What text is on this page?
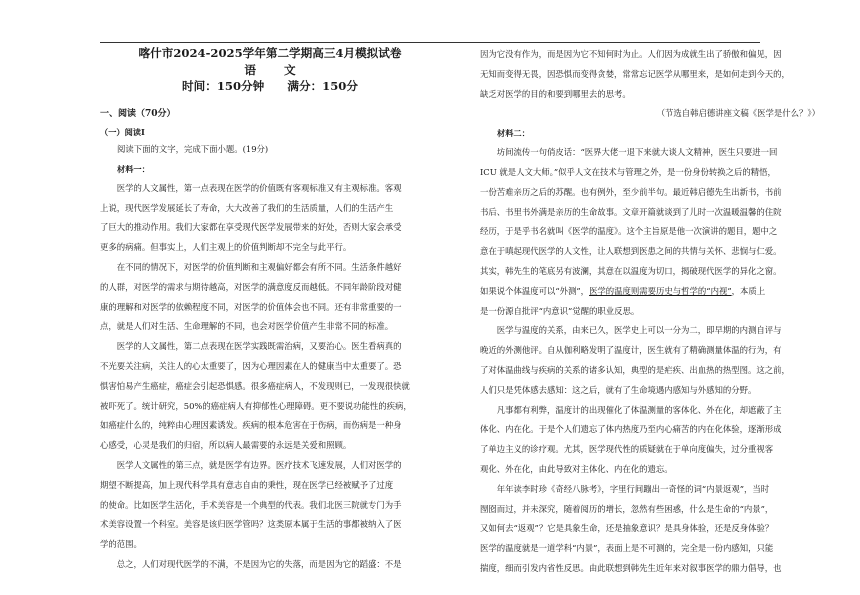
喀什市2024-2025学年第二学期高三4月模拟试卷
语 文
时间：150分钟　　满分：150分
一、阅读（70分）
（一）阅读Ⅰ
阅读下面的文字，完成下面小题。(19分)
材料一：
　　医学的人文属性，第一点表现在医学的价值既有客观标准又有主观标准。客观
上说，现代医学发展延长了寿命，大大改善了我们的生活质量，人们的生活产生
了巨大的推动作用。我们大家都在享受现代医学发展带来的好处，否则大家会承受
更多的病痛。但事实上，人们主观上的价值判断却不完全与此平行。
　　在不同的情况下，对医学的价值判断和主观偏好都会有所不同。生活条件越好
的人群，对医学的需求与期待越高，对医学的满意度反而越低。不同年龄阶段对健
康的理解和对医学的依赖程度不同，对医学的价值体会也不同。还有非常重要的一
点，就是人们对生活、生命理解的不同，也会对医学价值产生非常不同的标准。
　　医学的人文属性，第二点表现在医学实践既需治病，又要治心。医生看病真的
不光要关注病，关注人的心太重要了，因为心理因素在人的健康当中太重要了。恐
惧害怕易产生癌症，癌症会引起恐惧感。很多癌症病人，不发现则已，一发现很快就
被吓死了。统计研究，50%的癌症病人有抑郁性心理障碍。更不要说功能性的疾病，
如癌症什么的，纯粹由心理因素诱发。疾病的根本危害在于伤病，而伤病是一种身
心感受，心灵是我们的归宿，所以病人最需要的永远是关爱和照顾。
　　医学人文属性的第三点，就是医学有边界。医疗技术飞速发展，人们对医学的
期望不断提高，加上现代科学具有意志自由的秉性，现在医学已经被赋予了过度
的使命。比如医学生活化，手术美容是一个典型的代表。我们北医三院就专门为手
术美容设置一个科室。美容是该归医学管吗？这类原本属于生活的事都被纳入了医
学的范围。
　　总之，人们对现代医学的不满，不是因为它的失落，而是因为它的蹈盛：不是
因为它没有作为，而是因为它不知何时为止。人们因为成就生出了骄傲和偏见，因
无知而变得无畏，因恐惧而变得贪婪，常常忘记医学从哪里来，是如何走到今天的，
缺乏对医学的目的和要到哪里去的思考。
（节选自韩启德讲座文稿《医学是什么？》）
材料二：
　　坊间流传一句俏皮话：“医界大佬一退下来就大谈人文精神，医生只要进一回
ICU 就是人文大师。”似乎人文在技术与管理之外，是一份身份转换之后的精悟，
一份苦难亲历之后的苏醒。也有例外，至少前半句。最近韩启德先生出新书，书前
书后、书里书外满是亲历的生命故事。文章开篇就谈到了儿时一次温暖温馨的住院
经历，于是乎书名就叫《医学的温度》。这个主旨原是他一次演讲的题目，题中之
意在于嗔起现代医学的人文性，让人联想到医患之间的共情与关怀、悲悯与仁爱。
其实，韩先生的笔底另有波澜，其意在以温度为切口，揭破现代医学的异化之窗。
如果说个体温度可以“外测”，医学的温度则需要历史与哲学的“内视”，本质上
是一份源自批评“内意识”觉醒的职业反思。
　　医学与温度的关系，由来已久，医学史上可以一分为二，即早期的内测自评与
晚近的外测他评。自从伽利略发明了温度计，医生就有了精确测量体温的行为，有
了对体温曲线与疾病的关系的诸多认知，典型的是疟疾、出血热的热型图。这之前，
人们只是凭体感去感知：这之后，就有了生命境遇内感知与外感知的分野。
　　凡事都有利弊，温度计的出现催化了体温测量的客体化、外在化，却遮蔽了主
体化、内在化。于是个人们遗忘了体内热度乃至内心痛苦的内在化体验，逐渐形成
了单边主义的诊疗观。尤其，医学现代性的质疑就在于单向度偏失，过分重视客
观化、外在化，由此导致对主体化、内在化的遗忘。
　　年年读李时珍《奇经八脉考》，字里行间蹦出一奇怪的词“内景返观”，当时
囫囵而过，并未深究，随着阅历的增长，忽然有些困惑，什么是生命的“内景”，
又如何去“返观”？它是具象生命，还是抽象意识？是具身体验，还是反身体验？
医学的温度就是一道学科“内景”，表面上是不可测的，完全是一份内感知，只能
揣度，细而引发内省性反思。由此联想到韩先生近年来对叙事医学的鼎力倡导，也
